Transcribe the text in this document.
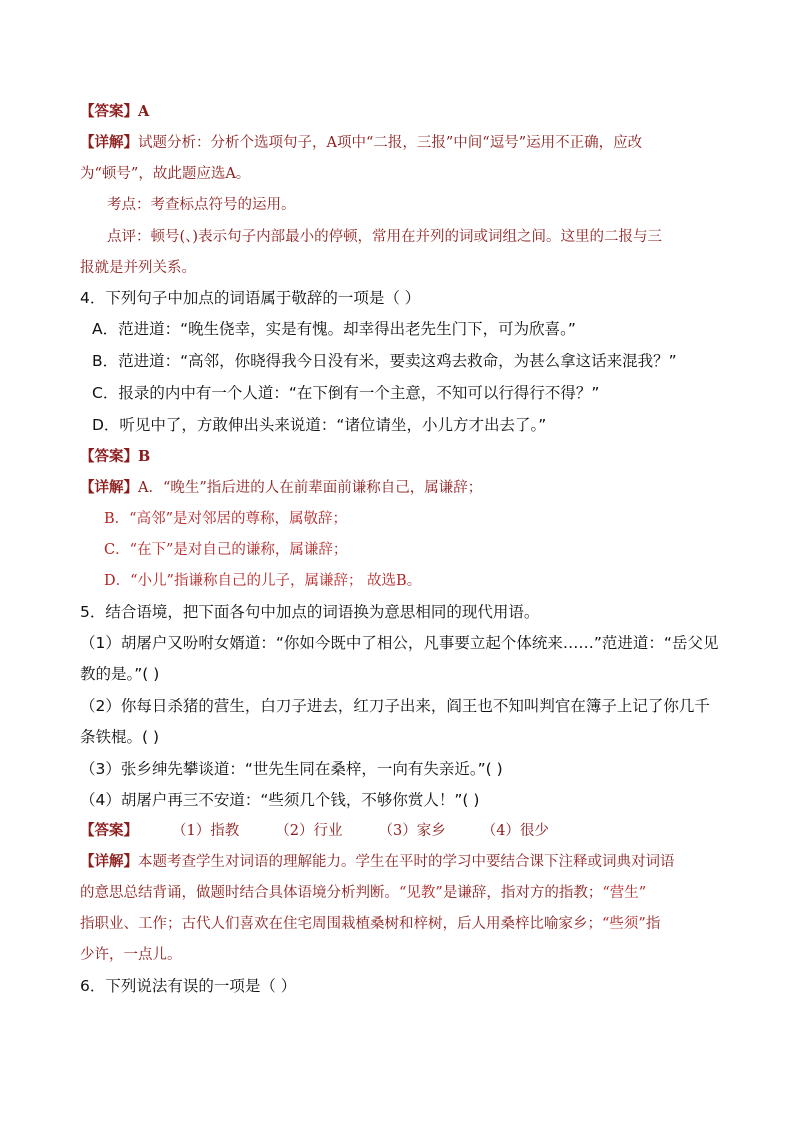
【答案】A
【详解】试题分析：分析个选项句子，A项中“二报，三报”中间“逗号”运用不正确，应改
为“顿号”，故此题应选A。
考点：考查标点符号的运用。
点评：顿号(、)表示句子内部最小的停顿，常用在并列的词或词组之间。这里的二报与三
报就是并列关系。
4．下列句子中加点的词语属于敬辞的一项是（ ）
A．范进道：“晚生侥幸，实是有愧。却幸得出老先生门下，可为欣喜。”
B．范进道：“高邻，你晓得我今日没有米，要卖这鸡去救命，为甚么拿这话来混我？”
C．报录的内中有一个人道：“在下倒有一个主意，不知可以行得行不得？”
D．听见中了，方敢伸出头来说道：“诸位请坐，小儿方才出去了。”
【答案】B
【详解】A．“晚生”指后进的人在前辈面前谦称自己，属谦辞；
B．“高邻”是对邻居的尊称，属敬辞；
C．“在下”是对自己的谦称，属谦辞；
D．“小儿”指谦称自己的儿子，属谦辞； 故选B。
5．结合语境，把下面各句中加点的词语换为意思相同的现代用语。
（1）胡屠户又吩咐女婿道：“你如今既中了相公，凡事要立起个体统来……”范进道：“岳父见
教的是。”( )
（2）你每日杀猪的营生，白刀子进去，红刀子出来，阎王也不知叫判官在簿子上记了你几千
条铁棍。( )
（3）张乡绅先攀谈道：“世先生同在桑梓，一向有失亲近。”( )
（4）胡屠户再三不安道：“些须几个钱，不够你赏人！”( )
【答案】 （1）指教 （2）行业 （3）家乡 （4）很少
【详解】本题考查学生对词语的理解能力。学生在平时的学习中要结合课下注释或词典对词语
的意思总结背诵，做题时结合具体语境分析判断。“见教”是谦辞，指对方的指教；“营生”
指职业、工作；古代人们喜欢在住宅周围栽植桑树和梓树，后人用桑梓比喻家乡；“些须”指
少许，一点儿。
6．下列说法有误的一项是（ ）
